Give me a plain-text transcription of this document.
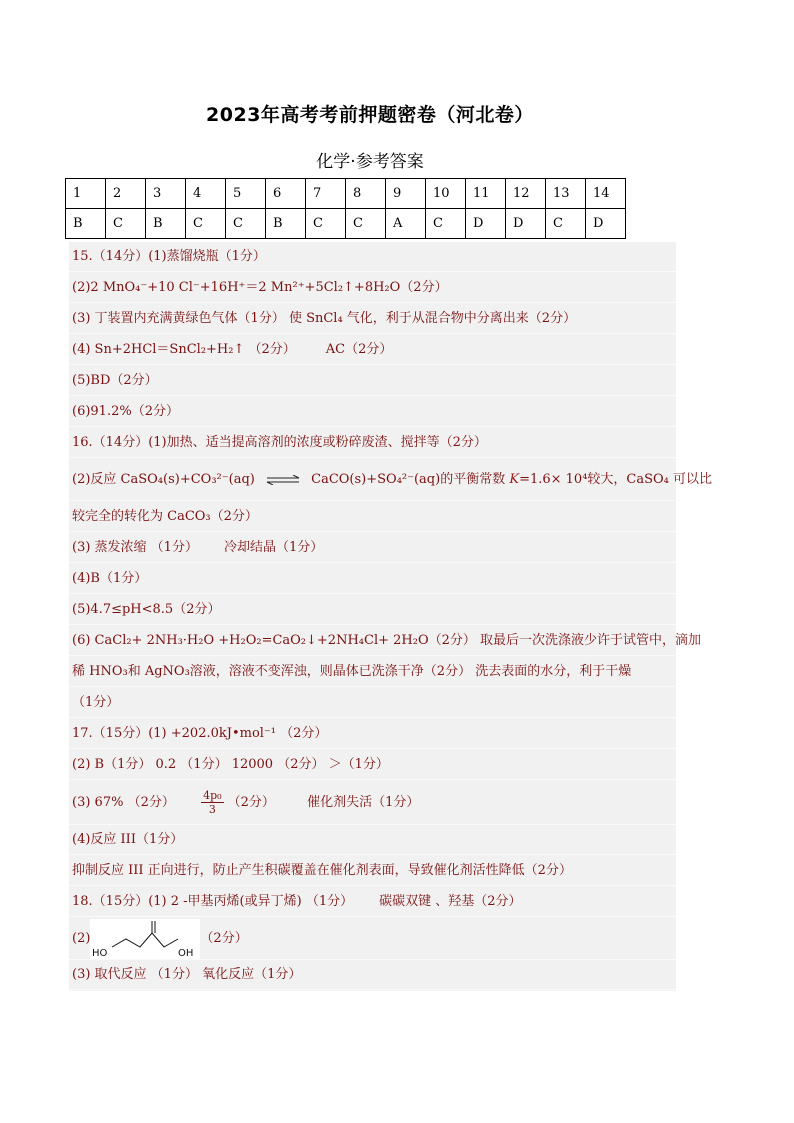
2023年高考考前押题密卷（河北卷）
化学·参考答案
1	2	3	4	5	6	7	8	9	10	11	12	13	14
B	C	B	C	C	B	C	C	A	C	D	D	C	D
15.（14分）(1)蒸馏烧瓶（1分）
(2)2 MnO₄⁻+10 Cl⁻+16H⁺＝2 Mn²⁺+5Cl₂↑+8H₂O（2分）
(3) 丁装置内充满黄绿色气体（1分） 使 SnCl₄ 气化，利于从混合物中分离出来（2分）
(4) Sn+2HCl＝SnCl₂+H₂↑ （2分） AC（2分）
(5)BD（2分）
(6)91.2%（2分）
16.（14分）(1)加热、适当提高溶剂的浓度或粉碎废渣、搅拌等（2分）
(2)反应 CaSO₄(s)+CO₃²⁻(aq) ⇌ CaCO(s)+SO₄²⁻(aq)的平衡常数 K=1.6× 10⁴较大，CaSO₄ 可以比
较完全的转化为 CaCO₃（2分）
(3) 蒸发浓缩 （1分） 冷却结晶（1分）
(4)B（1分）
(5)4.7≤pH<8.5（2分）
(6) CaCl₂+ 2NH₃·H₂O +H₂O₂=CaO₂↓+2NH₄Cl+ 2H₂O（2分） 取最后一次洗涤液少许于试管中，滴加
稀 HNO₃和 AgNO₃溶液，溶液不变浑浊，则晶体已洗涤干净（2分） 洗去表面的水分，利于干燥
（1分）
17.（15分）(1) +202.0kJ•mol⁻¹ （2分）
(2) B（1分） 0.2 （1分） 12000 （2分） ＞（1分）
(3) 67% （2分） $\frac{\text{4p₀}}{3} (2$分） 催化剂失活（1分）
(4)反应 III（1分）
抑制反应 III 正向进行，防止产生积碳覆盖在催化剂表面，导致催化剂活性降低（2分）
18.（15分）(1) 2 -甲基丙烯(或异丁烯) （1分） 碳碳双键 、羟基（2分）
(2)
HO	OH
（2分）
(3) 取代反应 （1分） 氧化反应（1分）
